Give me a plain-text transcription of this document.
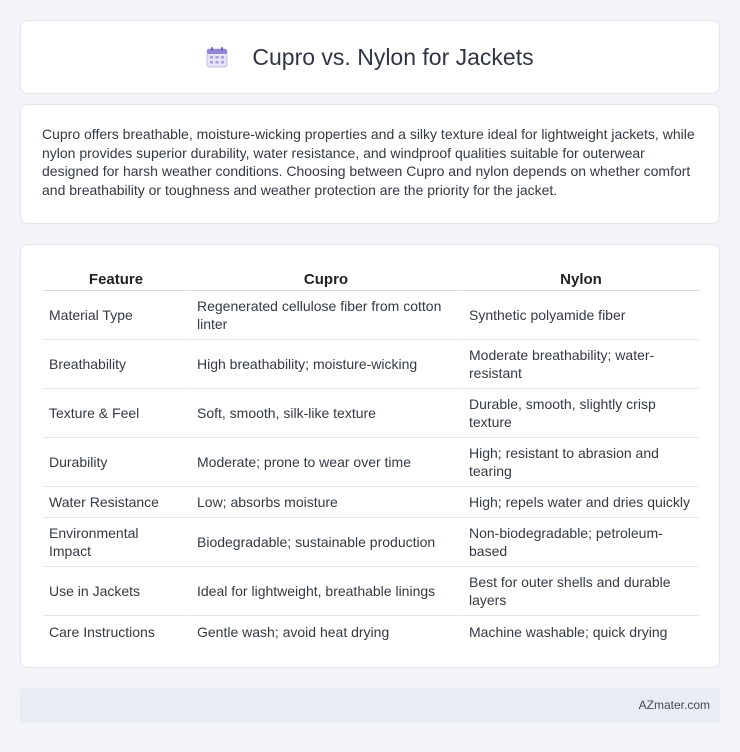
Cupro vs. Nylon for Jackets

Cupro offers breathable, moisture-wicking properties and a silky texture ideal for lightweight jackets, while nylon provides superior durability, water resistance, and windproof qualities suitable for outerwear designed for harsh weather conditions. Choosing between Cupro and nylon depends on whether comfort and breathability or toughness and weather protection are the priority for the jacket.

Feature	Cupro	Nylon
Material Type	Regenerated cellulose fiber from cotton linter	Synthetic polyamide fiber
Breathability	High breathability; moisture-wicking	Moderate breathability; water-resistant
Texture & Feel	Soft, smooth, silk-like texture	Durable, smooth, slightly crisp texture
Durability	Moderate; prone to wear over time	High; resistant to abrasion and tearing
Water Resistance	Low; absorbs moisture	High; repels water and dries quickly
Environmental Impact	Biodegradable; sustainable production	Non-biodegradable; petroleum-based
Use in Jackets	Ideal for lightweight, breathable linings	Best for outer shells and durable layers
Care Instructions	Gentle wash; avoid heat drying	Machine washable; quick drying
AZmater.com
